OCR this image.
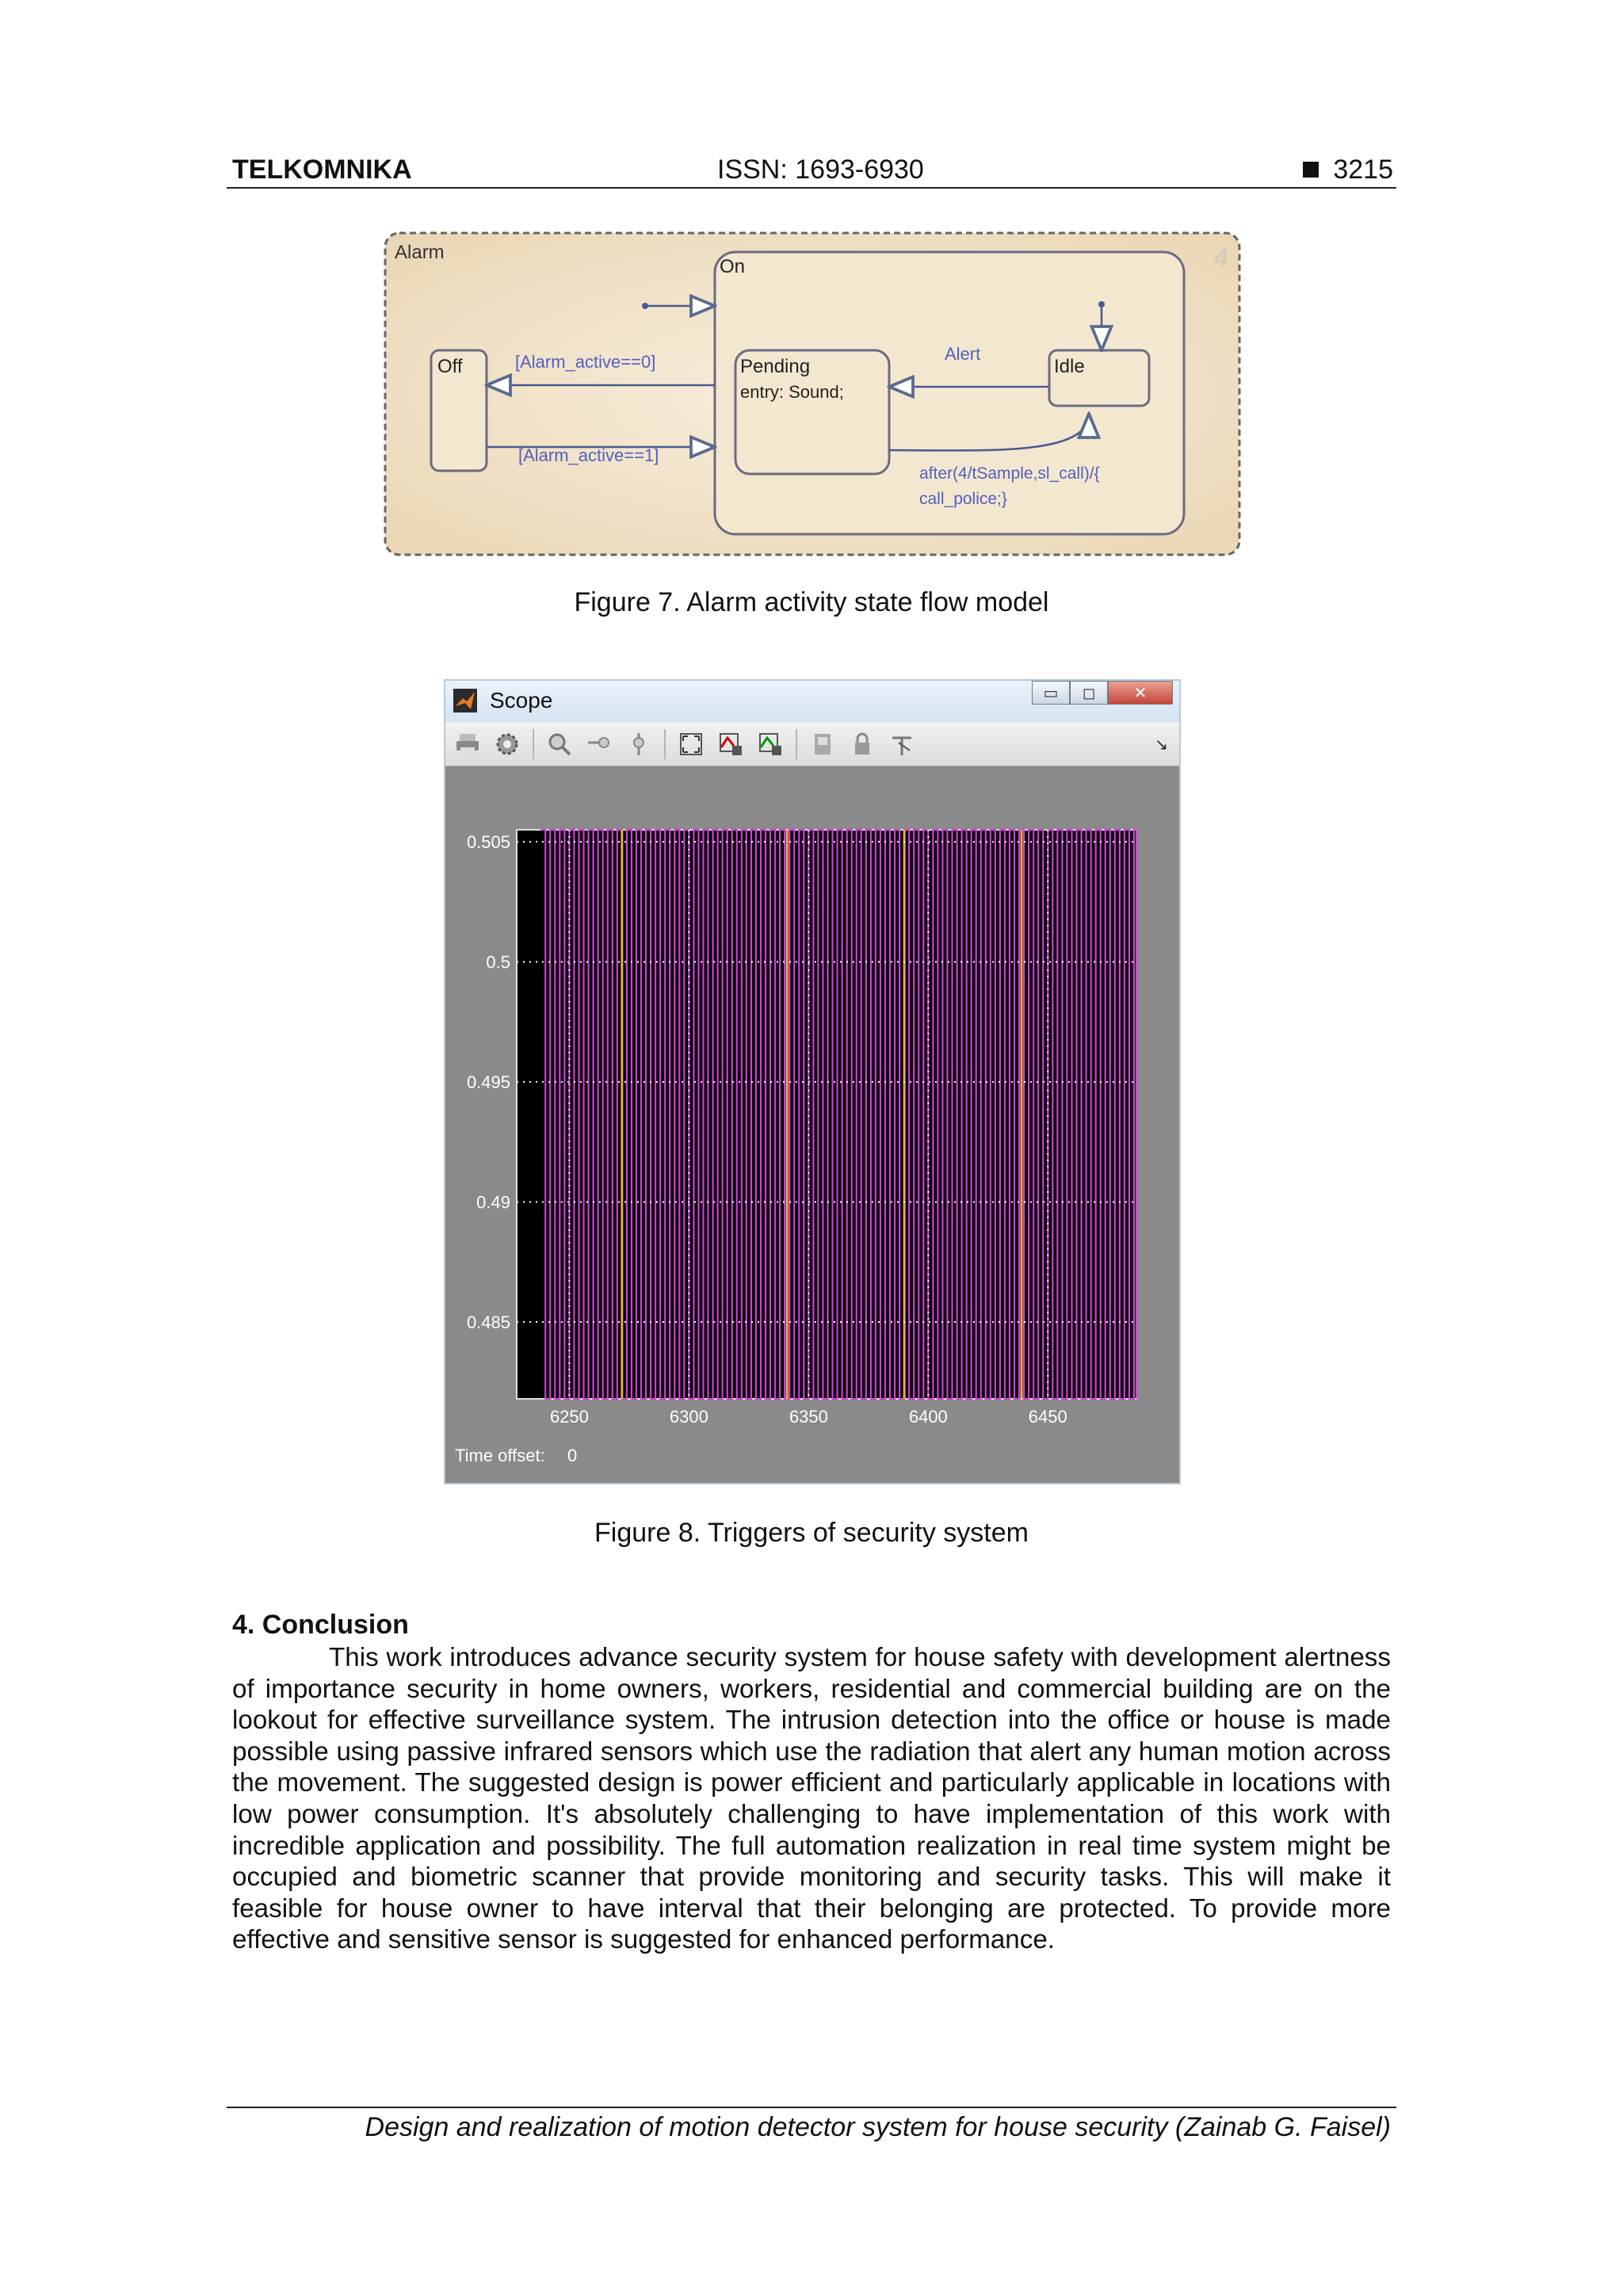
TELKOMNIKA	ISSN: 1693-6930	3215
Alarm	4
On
Off	Pending
entry: Sound;
Idle
[Alarm_active==0]
[Alarm_active==1]
Alert
after(4/tSample,sl_call)/{
call_police;}
Figure 7. Alarm activity state flow model
Scope	▭	◻	✕
↘
0.485
0.49
0.495
0.5
0.505
6250	6300	6350	6400	6450
Time offset: 0
Figure 8. Triggers of security system
4. Conclusion
This work introduces advance security system for house safety with development alertness of importance security in home owners, workers, residential and commercial building are on the lookout for effective surveillance system. The intrusion detection into the office or house is made possible using passive infrared sensors which use the radiation that alert any human motion across the movement. The suggested design is power efficient and particularly applicable in locations with low power consumption. It's absolutely challenging to have implementation of this work with incredible application and possibility. The full automation realization in real time system might be occupied and biometric scanner that provide monitoring and security tasks. This will make it feasible for house owner to have interval that their belonging are protected. To provide more effective and sensitive sensor is suggested for enhanced performance.
Design and realization of motion detector system for house security (Zainab G. Faisel)
